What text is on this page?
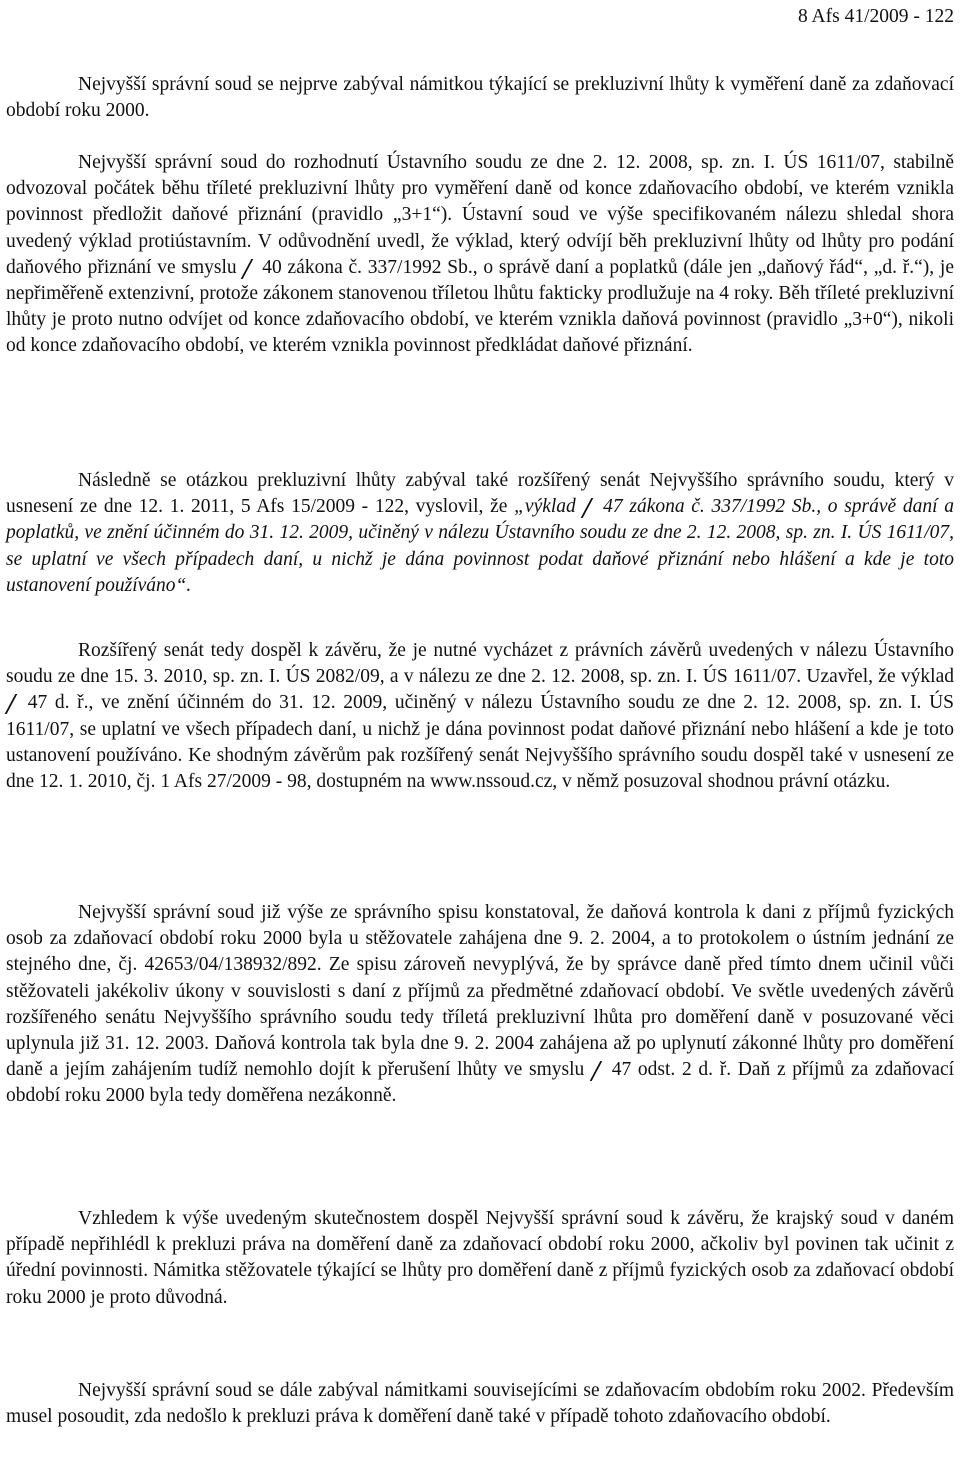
8 Afs 41/2009 - 122

Nejvyšší správní soud se nejprve zabýval námitkou týkající se prekluzivní lhůty k vyměření daně za zdaňovací období roku 2000.

Nejvyšší správní soud do rozhodnutí Ústavního soudu ze dne 2. 12. 2008, sp. zn. I. ÚS 1611/07, stabilně odvozoval počátek běhu tříleté prekluzivní lhůty pro vyměření daně od konce zdaňovacího období, ve kterém vznikla povinnost předložit daňové přiznání (pravidlo „3+1“). Ústavní soud ve výše specifikovaném nálezu shledal shora uvedený výklad protiústavním. V odůvodnění uvedl, že výklad, který odvíjí běh prekluzivní lhůty od lhůty pro podání daňového přiznání ve smyslu 40 zákona č. 337/1992 Sb., o správě daní a poplatků (dále jen „daňový řád“, „d. ř.“), je nepřiměřeně extenzivní, protože zákonem stanovenou tříletou lhůtu fakticky prodlužuje na 4 roky. Běh tříleté prekluzivní lhůty je proto nutno odvíjet od konce zdaňovacího období, ve kterém vznikla daňová povinnost (pravidlo „3+0“), nikoli od konce zdaňovacího období, ve kterém vznikla povinnost předkládat daňové přiznání.

Následně se otázkou prekluzivní lhůty zabýval také rozšířený senát Nejvyššího správního soudu, který v usnesení ze dne 12. 1. 2011, 5 Afs 15/2009 - 122, vyslovil, že „výklad 47 zákona č. 337/1992 Sb., o správě daní a poplatků, ve znění účinném do 31. 12. 2009, učiněný v nálezu Ústavního soudu ze dne 2. 12. 2008, sp. zn. I. ÚS 1611/07, se uplatní ve všech případech daní, u nichž je dána povinnost podat daňové přiznání nebo hlášení a kde je toto ustanovení používáno“.

Rozšířený senát tedy dospěl k závěru, že je nutné vycházet z právních závěrů uvedených v nálezu Ústavního soudu ze dne 15. 3. 2010, sp. zn. I. ÚS 2082/09, a v nálezu ze dne 2. 12. 2008, sp. zn. I. ÚS 1611/07. Uzavřel, že výklad  47 d. ř., ve znění účinném do 31. 12. 2009, učiněný v nálezu Ústavního soudu ze dne 2. 12. 2008, sp. zn. I. ÚS 1611/07, se uplatní ve všech případech daní, u nichž je dána povinnost podat daňové přiznání nebo hlášení a kde je toto ustanovení používáno. Ke shodným závěrům pak rozšířený senát Nejvyššího správního soudu dospěl také v usnesení ze dne 12. 1. 2010, čj. 1 Afs 27/2009 - 98, dostupném na www.nssoud.cz, v němž posuzoval shodnou právní otázku.

Nejvyšší správní soud již výše ze správního spisu konstatoval, že daňová kontrola k dani z příjmů fyzických osob za zdaňovací období roku 2000 byla u stěžovatele zahájena dne 9. 2. 2004, a to protokolem o ústním jednání ze stejného dne, čj. 42653/04/138932/892. Ze spisu zároveň nevyplývá, že by správce daně před tímto dnem učinil vůči stěžovateli jakékoliv úkony v souvislosti s daní z příjmů za předmětné zdaňovací období. Ve světle uvedených závěrů rozšířeného senátu Nejvyššího správního soudu tedy tříletá prekluzivní lhůta pro doměření daně v posuzované věci uplynula již 31. 12. 2003. Daňová kontrola tak byla dne 9. 2. 2004 zahájena až po uplynutí zákonné lhůty pro doměření daně a jejím zahájením tudíž nemohlo dojít k přerušení lhůty ve smyslu 47 odst. 2 d. ř. Daň z příjmů za zdaňovací období roku 2000 byla tedy doměřena nezákonně.

Vzhledem k výše uvedeným skutečnostem dospěl Nejvyšší správní soud k závěru, že krajský soud v daném případě nepřihlédl k prekluzi práva na doměření daně za zdaňovací období roku 2000, ačkoliv byl povinen tak učinit z úřední povinnosti. Námitka stěžovatele týkající se lhůty pro doměření daně z příjmů fyzických osob za zdaňovací období roku 2000 je proto důvodná.

Nejvyšší správní soud se dále zabýval námitkami souvisejícími se zdaňovacím obdobím roku 2002. Především musel posoudit, zda nedošlo k prekluzi práva k doměření daně také v případě tohoto zdaňovacího období.
